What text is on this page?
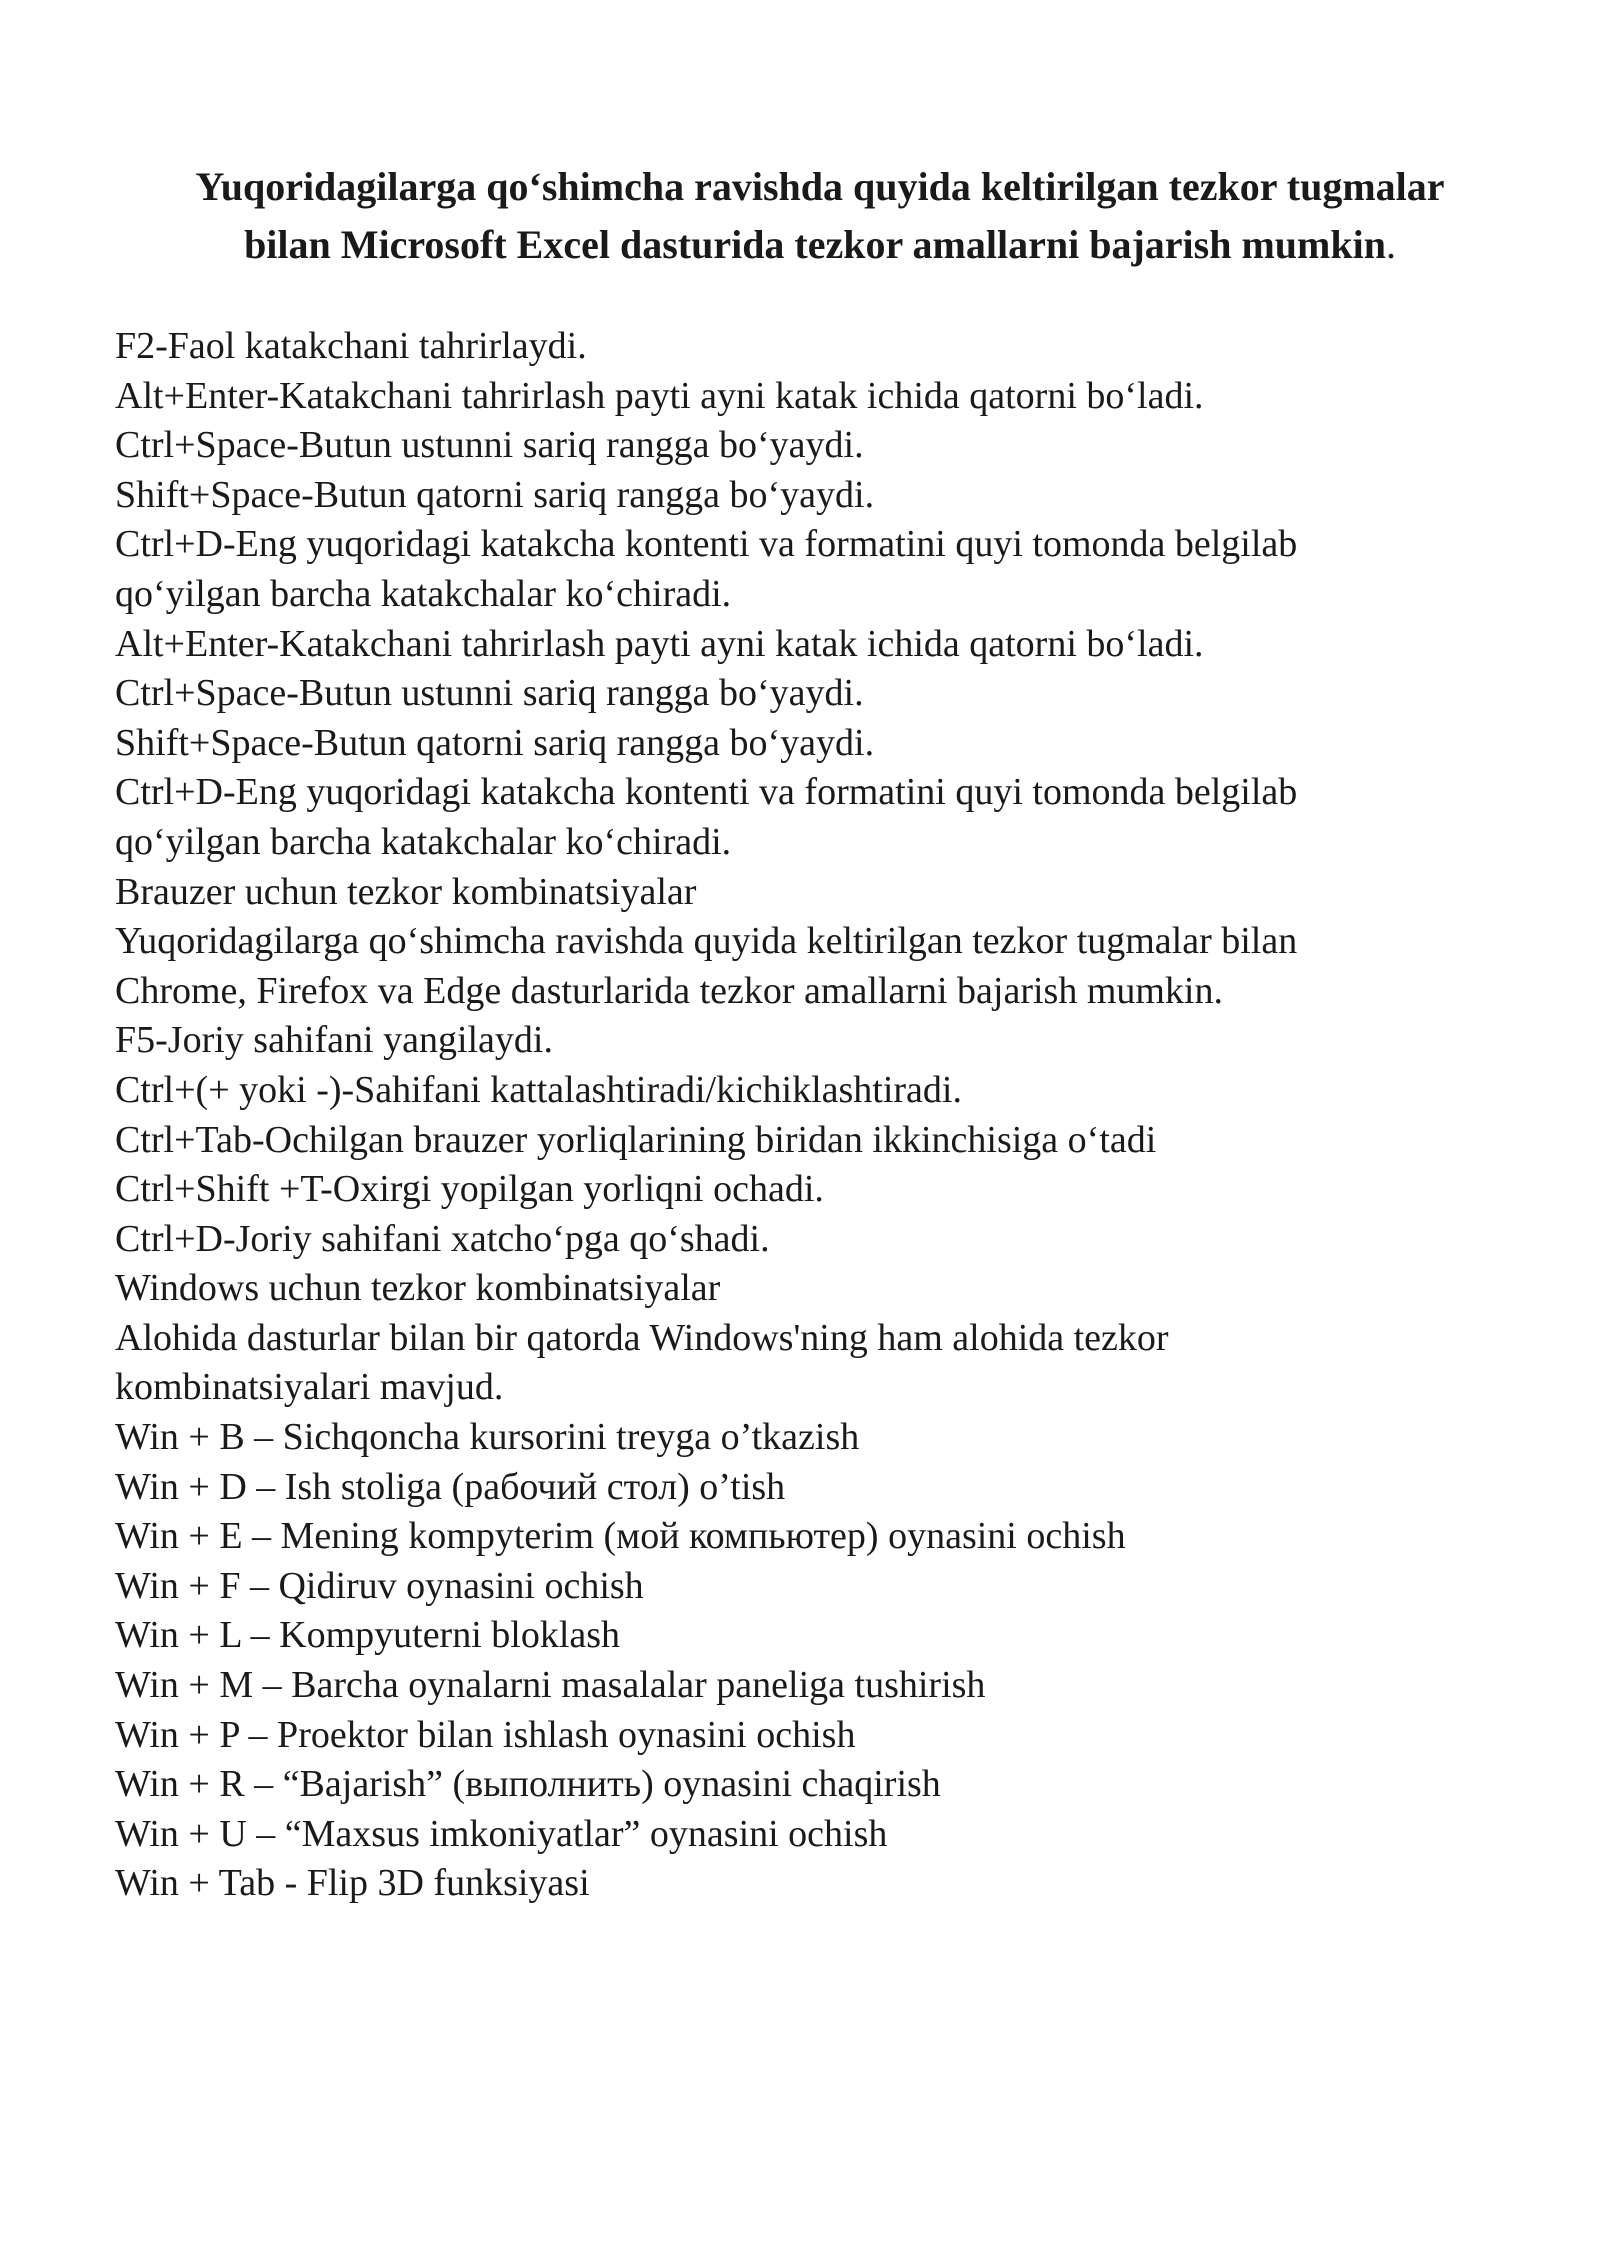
Yuqoridagilarga qo‘shimcha ravishda quyida keltirilgan tezkor tugmalar
bilan Microsoft Excel dasturida tezkor amallarni bajarish mumkin.
F2-Faol katakchani tahrirlaydi.
Alt+Enter-Katakchani tahrirlash payti ayni katak ichida qatorni bo‘ladi.
Ctrl+Space-Butun ustunni sariq rangga bo‘yaydi.
Shift+Space-Butun qatorni sariq rangga bo‘yaydi.
Ctrl+D-Eng yuqoridagi katakcha kontenti va formatini quyi tomonda belgilab
qo‘yilgan barcha katakchalar ko‘chiradi.
Alt+Enter-Katakchani tahrirlash payti ayni katak ichida qatorni bo‘ladi.
Ctrl+Space-Butun ustunni sariq rangga bo‘yaydi.
Shift+Space-Butun qatorni sariq rangga bo‘yaydi.
Ctrl+D-Eng yuqoridagi katakcha kontenti va formatini quyi tomonda belgilab
qo‘yilgan barcha katakchalar ko‘chiradi.
Brauzer uchun tezkor kombinatsiyalar
Yuqoridagilarga qo‘shimcha ravishda quyida keltirilgan tezkor tugmalar bilan
Chrome, Firefox va Edge dasturlarida tezkor amallarni bajarish mumkin.
F5-Joriy sahifani yangilaydi.
Ctrl+(+ yoki -)-Sahifani kattalashtiradi/kichiklashtiradi.
Ctrl+Tab-Ochilgan brauzer yorliqlarining biridan ikkinchisiga o‘tadi
Ctrl+Shift +T-Oxirgi yopilgan yorliqni ochadi.
Ctrl+D-Joriy sahifani xatcho‘pga qo‘shadi.
Windows uchun tezkor kombinatsiyalar
Alohida dasturlar bilan bir qatorda Windows'ning ham alohida tezkor
kombinatsiyalari mavjud.
Win + B – Sichqoncha kursorini treyga o’tkazish
Win + D – Ish stoliga (рабочий стол) o’tish
Win + E – Mening kompyterim (мой компьютер) oynasini ochish
Win + F – Qidiruv oynasini ochish
Win + L – Kompyuterni bloklash
Win + M – Barcha oynalarni masalalar paneliga tushirish
Win + P – Proektor bilan ishlash oynasini ochish
Win + R – “Bajarish” (выполнить) oynasini chaqirish
Win + U – “Maxsus imkoniyatlar” oynasini ochish
Win + Tab - Flip 3D funksiyasi
